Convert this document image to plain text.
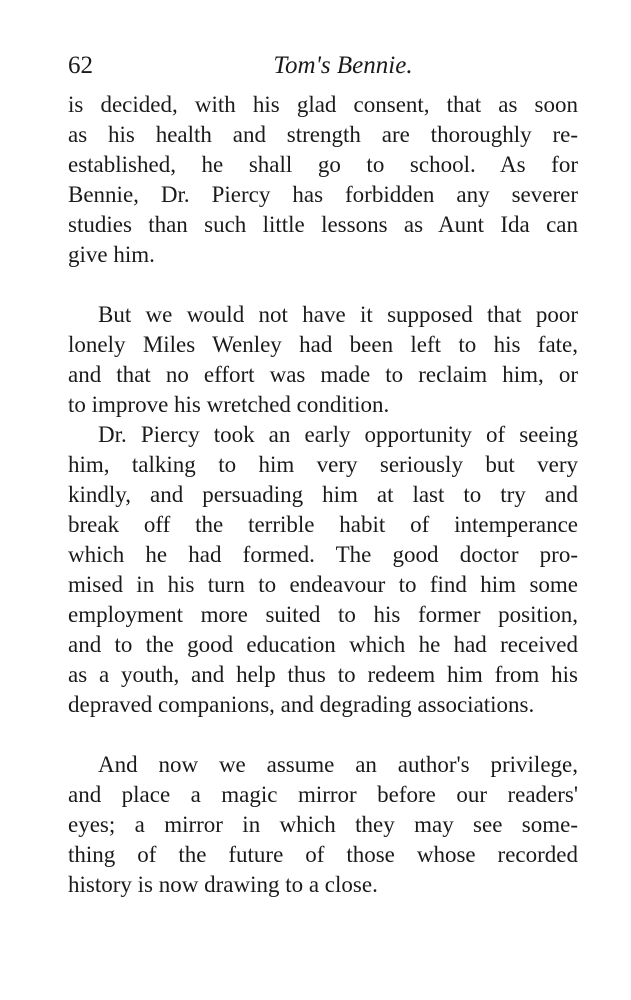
62	Tom's Bennie.
is decided, with his glad consent, that as soon
as his health and strength are thoroughly re-
established, he shall go to school. As for
Bennie, Dr. Piercy has forbidden any severer
studies than such little lessons as Aunt Ida can
give him.
But we would not have it supposed that poor
lonely Miles Wenley had been left to his fate,
and that no effort was made to reclaim him, or
to improve his wretched condition.
Dr. Piercy took an early opportunity of seeing
him, talking to him very seriously but very
kindly, and persuading him at last to try and
break off the terrible habit of intemperance
which he had formed. The good doctor pro-
mised in his turn to endeavour to find him some
employment more suited to his former position,
and to the good education which he had received
as a youth, and help thus to redeem him from his
depraved companions, and degrading associations.
And now we assume an author's privilege,
and place a magic mirror before our readers'
eyes; a mirror in which they may see some-
thing of the future of those whose recorded
history is now drawing to a close.
